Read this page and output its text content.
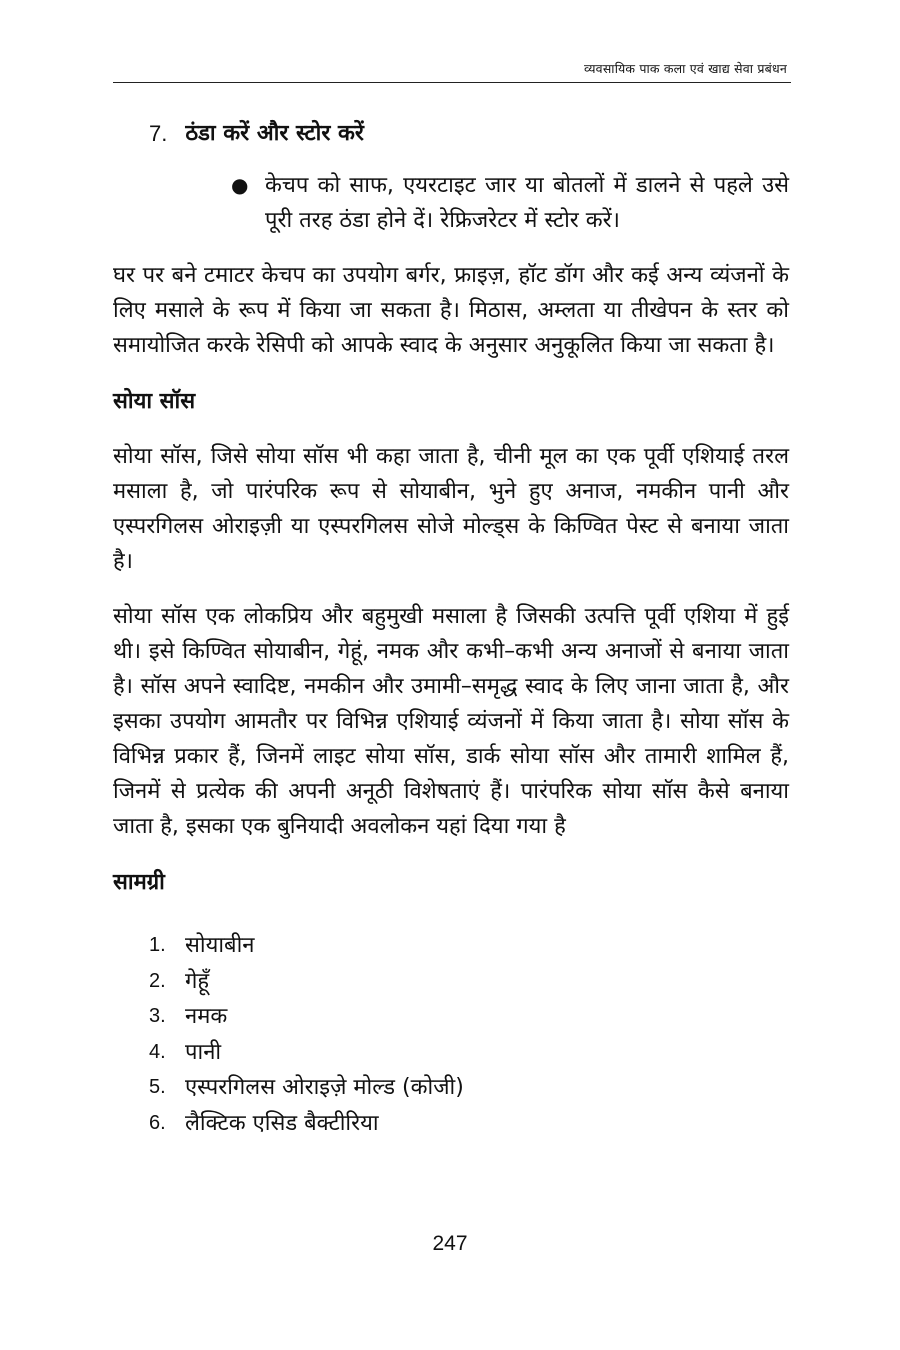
व्यवसायिक पाक कला एवं खाद्य सेवा प्रबंधन
7. ठंडा करें और स्टोर करें
● केचप को साफ, एयरटाइट जार या बोतलों में डालने से पहले उसे पूरी तरह ठंडा होने दें। रेफ्रिजरेटर में स्टोर करें।

घर पर बने टमाटर केचप का उपयोग बर्गर, फ्राइज़, हॉट डॉग और कई अन्य व्यंजनों के लिए मसाले के रूप में किया जा सकता है। मिठास, अम्लता या तीखेपन के स्तर को समायोजित करके रेसिपी को आपके स्वाद के अनुसार अनुकूलित किया जा सकता है।

सोया सॉस

सोया सॉस, जिसे सोया सॉस भी कहा जाता है, चीनी मूल का एक पूर्वी एशियाई तरल मसाला है, जो पारंपरिक रूप से सोयाबीन, भुने हुए अनाज, नमकीन पानी और एस्परगिलस ओराइज़ी या एस्परगिलस सोजे मोल्ड्स के किण्वित पेस्ट से बनाया जाता है।

सोया सॉस एक लोकप्रिय और बहुमुखी मसाला है जिसकी उत्पत्ति पूर्वी एशिया में हुई थी। इसे किण्वित सोयाबीन, गेहूं, नमक और कभी–कभी अन्य अनाजों से बनाया जाता है। सॉस अपने स्वादिष्ट, नमकीन और उमामी–समृद्ध स्वाद के लिए जाना जाता है, और इसका उपयोग आमतौर पर विभिन्न एशियाई व्यंजनों में किया जाता है। सोया सॉस के विभिन्न प्रकार हैं, जिनमें लाइट सोया सॉस, डार्क सोया सॉस और तामारी शामिल हैं, जिनमें से प्रत्येक की अपनी अनूठी विशेषताएं हैं। पारंपरिक सोया सॉस कैसे बनाया जाता है, इसका एक बुनियादी अवलोकन यहां दिया गया है

सामग्री
1. सोयाबीन
2. गेहूँ
3. नमक
4. पानी
5. एस्परगिलस ओराइज़े मोल्ड (कोजी)
6. लैक्टिक एसिड बैक्टीरिया
247
